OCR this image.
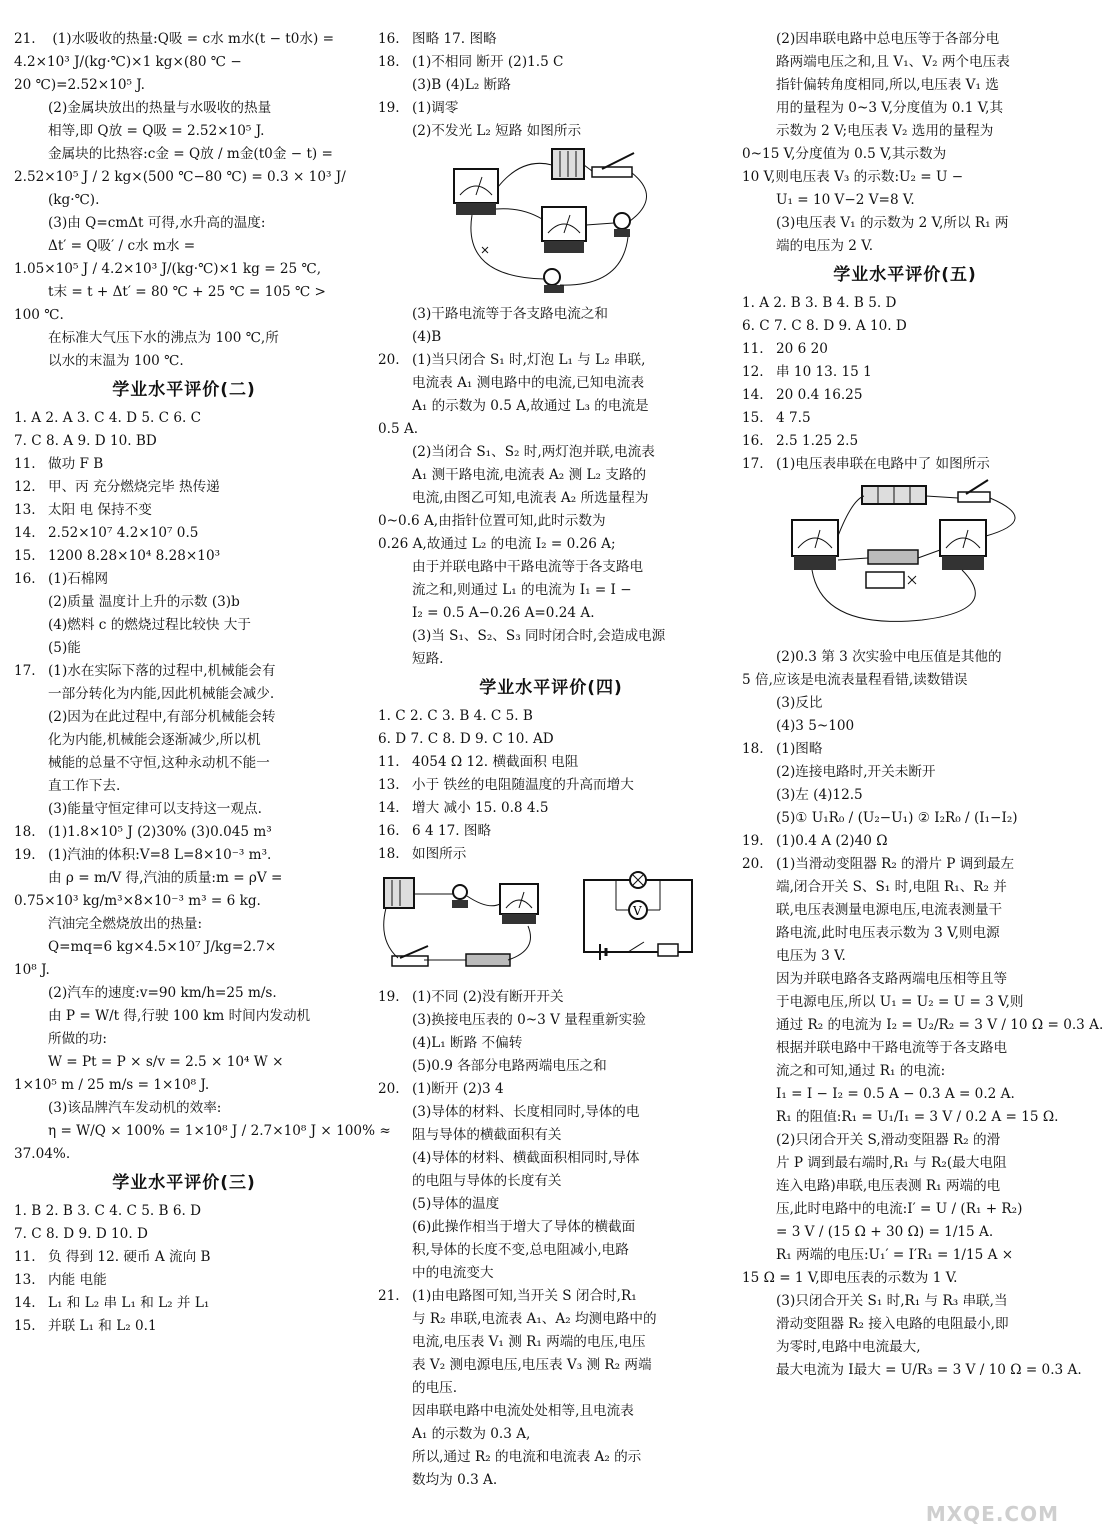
21. (1)水吸收的热量:Q吸 = c水 m水(t − t0水) =
4.2×10³ J/(kg·℃)×1 kg×(80 ℃ −
20 ℃)=2.52×10⁵ J.
(2)金属块放出的热量与水吸收的热量
相等,即 Q放 = Q吸 = 2.52×10⁵ J.
金属块的比热容:c金 = Q放 / m金(t0金 − t) =
2.52×10⁵ J / 2 kg×(500 ℃−80 ℃) = 0.3 × 10³ J/
(kg·℃).
(3)由 Q=cmΔt 可得,水升高的温度:
Δt′ = Q吸′ / c水 m水 =
1.05×10⁵ J / 4.2×10³ J/(kg·℃)×1 kg = 25 ℃,
t末 = t + Δt′ = 80 ℃ + 25 ℃ = 105 ℃ >
100 ℃.
在标准大气压下水的沸点为 100 ℃,所
以水的末温为 100 ℃.
学业水平评价(二)
1. A 2. A 3. C 4. D 5. C 6. C
7. C 8. A 9. D 10. BD
11. 做功 F B
12. 甲、丙 充分燃烧完毕 热传递
13. 太阳 电 保持不变
14. 2.52×10⁷ 4.2×10⁷ 0.5
15. 1200 8.28×10⁴ 8.28×10³
16. (1)石棉网
(2)质量 温度计上升的示数 (3)b
(4)燃料 c 的燃烧过程比较快 大于
(5)能
17. (1)水在实际下落的过程中,机械能会有
一部分转化为内能,因此机械能会减少.
(2)因为在此过程中,有部分机械能会转
化为内能,机械能会逐渐减少,所以机
械能的总量不守恒,这种永动机不能一
直工作下去.
(3)能量守恒定律可以支持这一观点.
18. (1)1.8×10⁵ J (2)30% (3)0.045 m³
19. (1)汽油的体积:V=8 L=8×10⁻³ m³.
由 ρ = m/V 得,汽油的质量:m = ρV =
0.75×10³ kg/m³×8×10⁻³ m³ = 6 kg.
汽油完全燃烧放出的热量:
Q=mq=6 kg×4.5×10⁷ J/kg=2.7×
10⁸ J.
(2)汽车的速度:v=90 km/h=25 m/s.
由 P = W/t 得,行驶 100 km 时间内发动机
所做的功:
W = Pt = P × s/v = 2.5 × 10⁴ W ×
1×10⁵ m / 25 m/s = 1×10⁸ J.
(3)该品牌汽车发动机的效率:
η = W/Q × 100% = 1×10⁸ J / 2.7×10⁸ J × 100% ≈
37.04%.
学业水平评价(三)
1. B 2. B 3. C 4. C 5. B 6. D
7. C 8. D 9. D 10. D
11. 负 得到 12. 硬币 A 流向 B
13. 内能 电能
14. L₁ 和 L₂ 串 L₁ 和 L₂ 并 L₁
15. 并联 L₁ 和 L₂ 0.1
16. 图略 17. 图略
18. (1)不相同 断开 (2)1.5 C
(3)B (4)L₂ 断路
19. (1)调零
(2)不发光 L₂ 短路 如图所示
(3)干路电流等于各支路电流之和
(4)B
20. (1)当只闭合 S₁ 时,灯泡 L₁ 与 L₂ 串联,
电流表 A₁ 测电路中的电流,已知电流表
A₁ 的示数为 0.5 A,故通过 L₃ 的电流是
0.5 A.
(2)当闭合 S₁、S₂ 时,两灯泡并联,电流表
A₁ 测干路电流,电流表 A₂ 测 L₂ 支路的
电流,由图乙可知,电流表 A₂ 所选量程为
0~0.6 A,由指针位置可知,此时示数为
0.26 A,故通过 L₂ 的电流 I₂ = 0.26 A;
由于并联电路中干路电流等于各支路电
流之和,则通过 L₁ 的电流为 I₁ = I −
I₂ = 0.5 A−0.26 A=0.24 A.
(3)当 S₁、S₂、S₃ 同时闭合时,会造成电源
短路.
学业水平评价(四)
1. C 2. C 3. B 4. C 5. B
6. D 7. C 8. D 9. C 10. AD
11. 4054 Ω 12. 横截面积 电阻
13. 小于 铁丝的电阻随温度的升高而增大
14. 增大 减小 15. 0.8 4.5
16. 6 4 17. 图略
18. 如图所示
V
19. (1)不同 (2)没有断开开关
(3)换接电压表的 0~3 V 量程重新实验
(4)L₁ 断路 不偏转
(5)0.9 各部分电路两端电压之和
20. (1)断开 (2)3 4
(3)导体的材料、长度相同时,导体的电
阻与导体的横截面积有关
(4)导体的材料、横截面积相同时,导体
的电阻与导体的长度有关
(5)导体的温度
(6)此操作相当于增大了导体的横截面
积,导体的长度不变,总电阻减小,电路
中的电流变大
21. (1)由电路图可知,当开关 S 闭合时,R₁
与 R₂ 串联,电流表 A₁、A₂ 均测电路中的
电流,电压表 V₁ 测 R₁ 两端的电压,电压
表 V₂ 测电源电压,电压表 V₃ 测 R₂ 两端
的电压.
因串联电路中电流处处相等,且电流表
A₁ 的示数为 0.3 A,
所以,通过 R₂ 的电流和电流表 A₂ 的示
数均为 0.3 A.
(2)因串联电路中总电压等于各部分电
路两端电压之和,且 V₁、V₂ 两个电压表
指针偏转角度相同,所以,电压表 V₁ 选
用的量程为 0~3 V,分度值为 0.1 V,其
示数为 2 V;电压表 V₂ 选用的量程为
0~15 V,分度值为 0.5 V,其示数为
10 V,则电压表 V₃ 的示数:U₂ = U −
U₁ = 10 V−2 V=8 V.
(3)电压表 V₁ 的示数为 2 V,所以 R₁ 两
端的电压为 2 V.
学业水平评价(五)
1. A 2. B 3. B 4. B 5. D
6. C 7. C 8. D 9. A 10. D
11. 20 6 20
12. 串 10 13. 15 1
14. 20 0.4 16.25
15. 4 7.5
16. 2.5 1.25 2.5
17. (1)电压表串联在电路中了 如图所示
(2)0.3 第 3 次实验中电压值是其他的
5 倍,应该是电流表量程看错,读数错误
(3)反比
(4)3 5~100
18. (1)图略
(2)连接电路时,开关未断开
(3)左 (4)12.5
(5)① U₁R₀ / (U₂−U₁) ② I₂R₀ / (I₁−I₂)
19. (1)0.4 A (2)40 Ω
20. (1)当滑动变阻器 R₂ 的滑片 P 调到最左
端,闭合开关 S、S₁ 时,电阻 R₁、R₂ 并
联,电压表测量电源电压,电流表测量干
路电流,此时电压表示数为 3 V,则电源
电压为 3 V.
因为并联电路各支路两端电压相等且等
于电源电压,所以 U₁ = U₂ = U = 3 V,则
通过 R₂ 的电流为 I₂ = U₂/R₂ = 3 V / 10 Ω = 0.3 A.
根据并联电路中干路电流等于各支路电
流之和可知,通过 R₁ 的电流:
I₁ = I − I₂ = 0.5 A − 0.3 A = 0.2 A.
R₁ 的阻值:R₁ = U₁/I₁ = 3 V / 0.2 A = 15 Ω.
(2)只闭合开关 S,滑动变阻器 R₂ 的滑
片 P 调到最右端时,R₁ 与 R₂(最大电阻
连入电路)串联,电压表测 R₁ 两端的电
压,此时电路中的电流:I′ = U / (R₁ + R₂)
= 3 V / (15 Ω + 30 Ω) = 1/15 A.
R₁ 两端的电压:U₁′ = I′R₁ = 1/15 A ×
15 Ω = 1 V,即电压表的示数为 1 V.
(3)只闭合开关 S₁ 时,R₁ 与 R₃ 串联,当
滑动变阻器 R₂ 接入电路的电阻最小,即
为零时,电路中电流最大,
最大电流为 I最大 = U/R₃ = 3 V / 10 Ω = 0.3 A.
MXQE.COM
